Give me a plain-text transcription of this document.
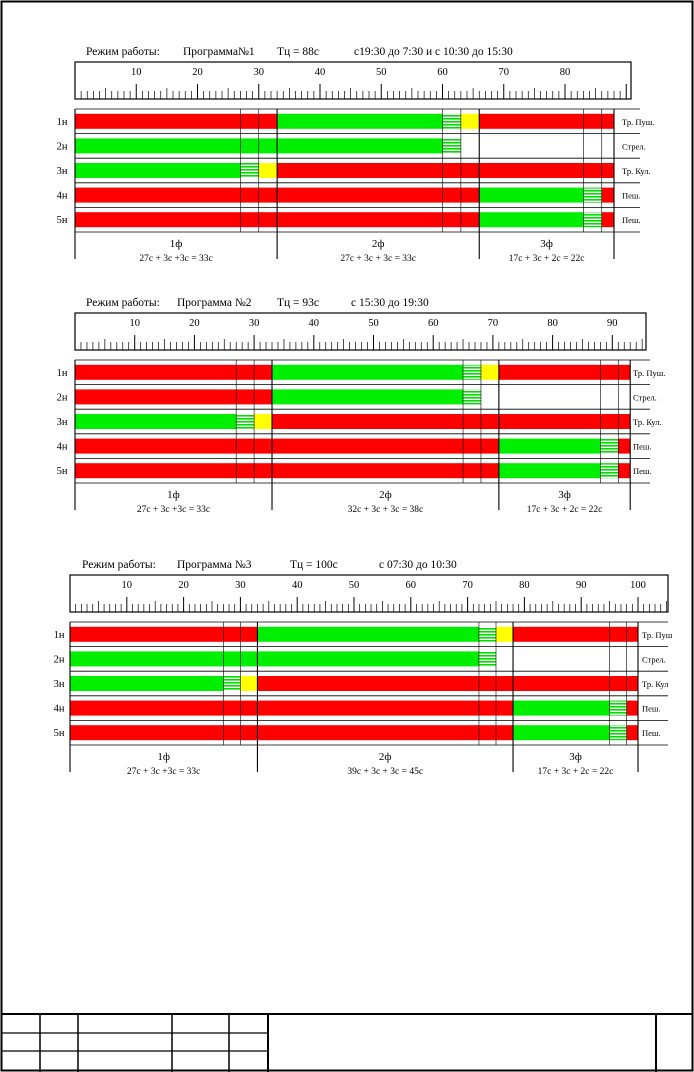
Режим работы: Программа№1 Тц = 88с	с19:30 до 7:30 и с 10:30 до 15:30
10	20	30	40	50	60	70	80
1н	Тр. Пуш.
2н	Стрел.
3н	Тр. Кул.
4н	Пеш.
5н	Пеш.
1ф
27с + 3с +3с = 33с
2ф
27с + 3с + 3с = 33с
3ф
17с + 3с + 2с = 22с
Режим работы: Программа №2 Тц = 93с	с 15:30 до 19:30
10	20	30	40	50	60	70	80	90
1н	Тр. Пуш.
2н	Стрел.
3н	Тр. Кул.
4н	Пеш.
5н	Пеш.
1ф
27с + 3с +3с = 33с
2ф
32с + 3с + 3с = 38с
3ф
17с + 3с + 2с = 22с
Режим работы: Программа №3	Тц = 100с	с 07:30 до 10:30
10	20	30	40	50	60	70	80	90	100
1н	Тр. Пуш
2н	Стрел.
3н	Тр. Кул
4н	Пеш.
5н	Пеш.
1ф
27с + 3с +3с = 33с
2ф
39с + 3с + 3с = 45с
3ф
17с + 3с + 2с = 22с
